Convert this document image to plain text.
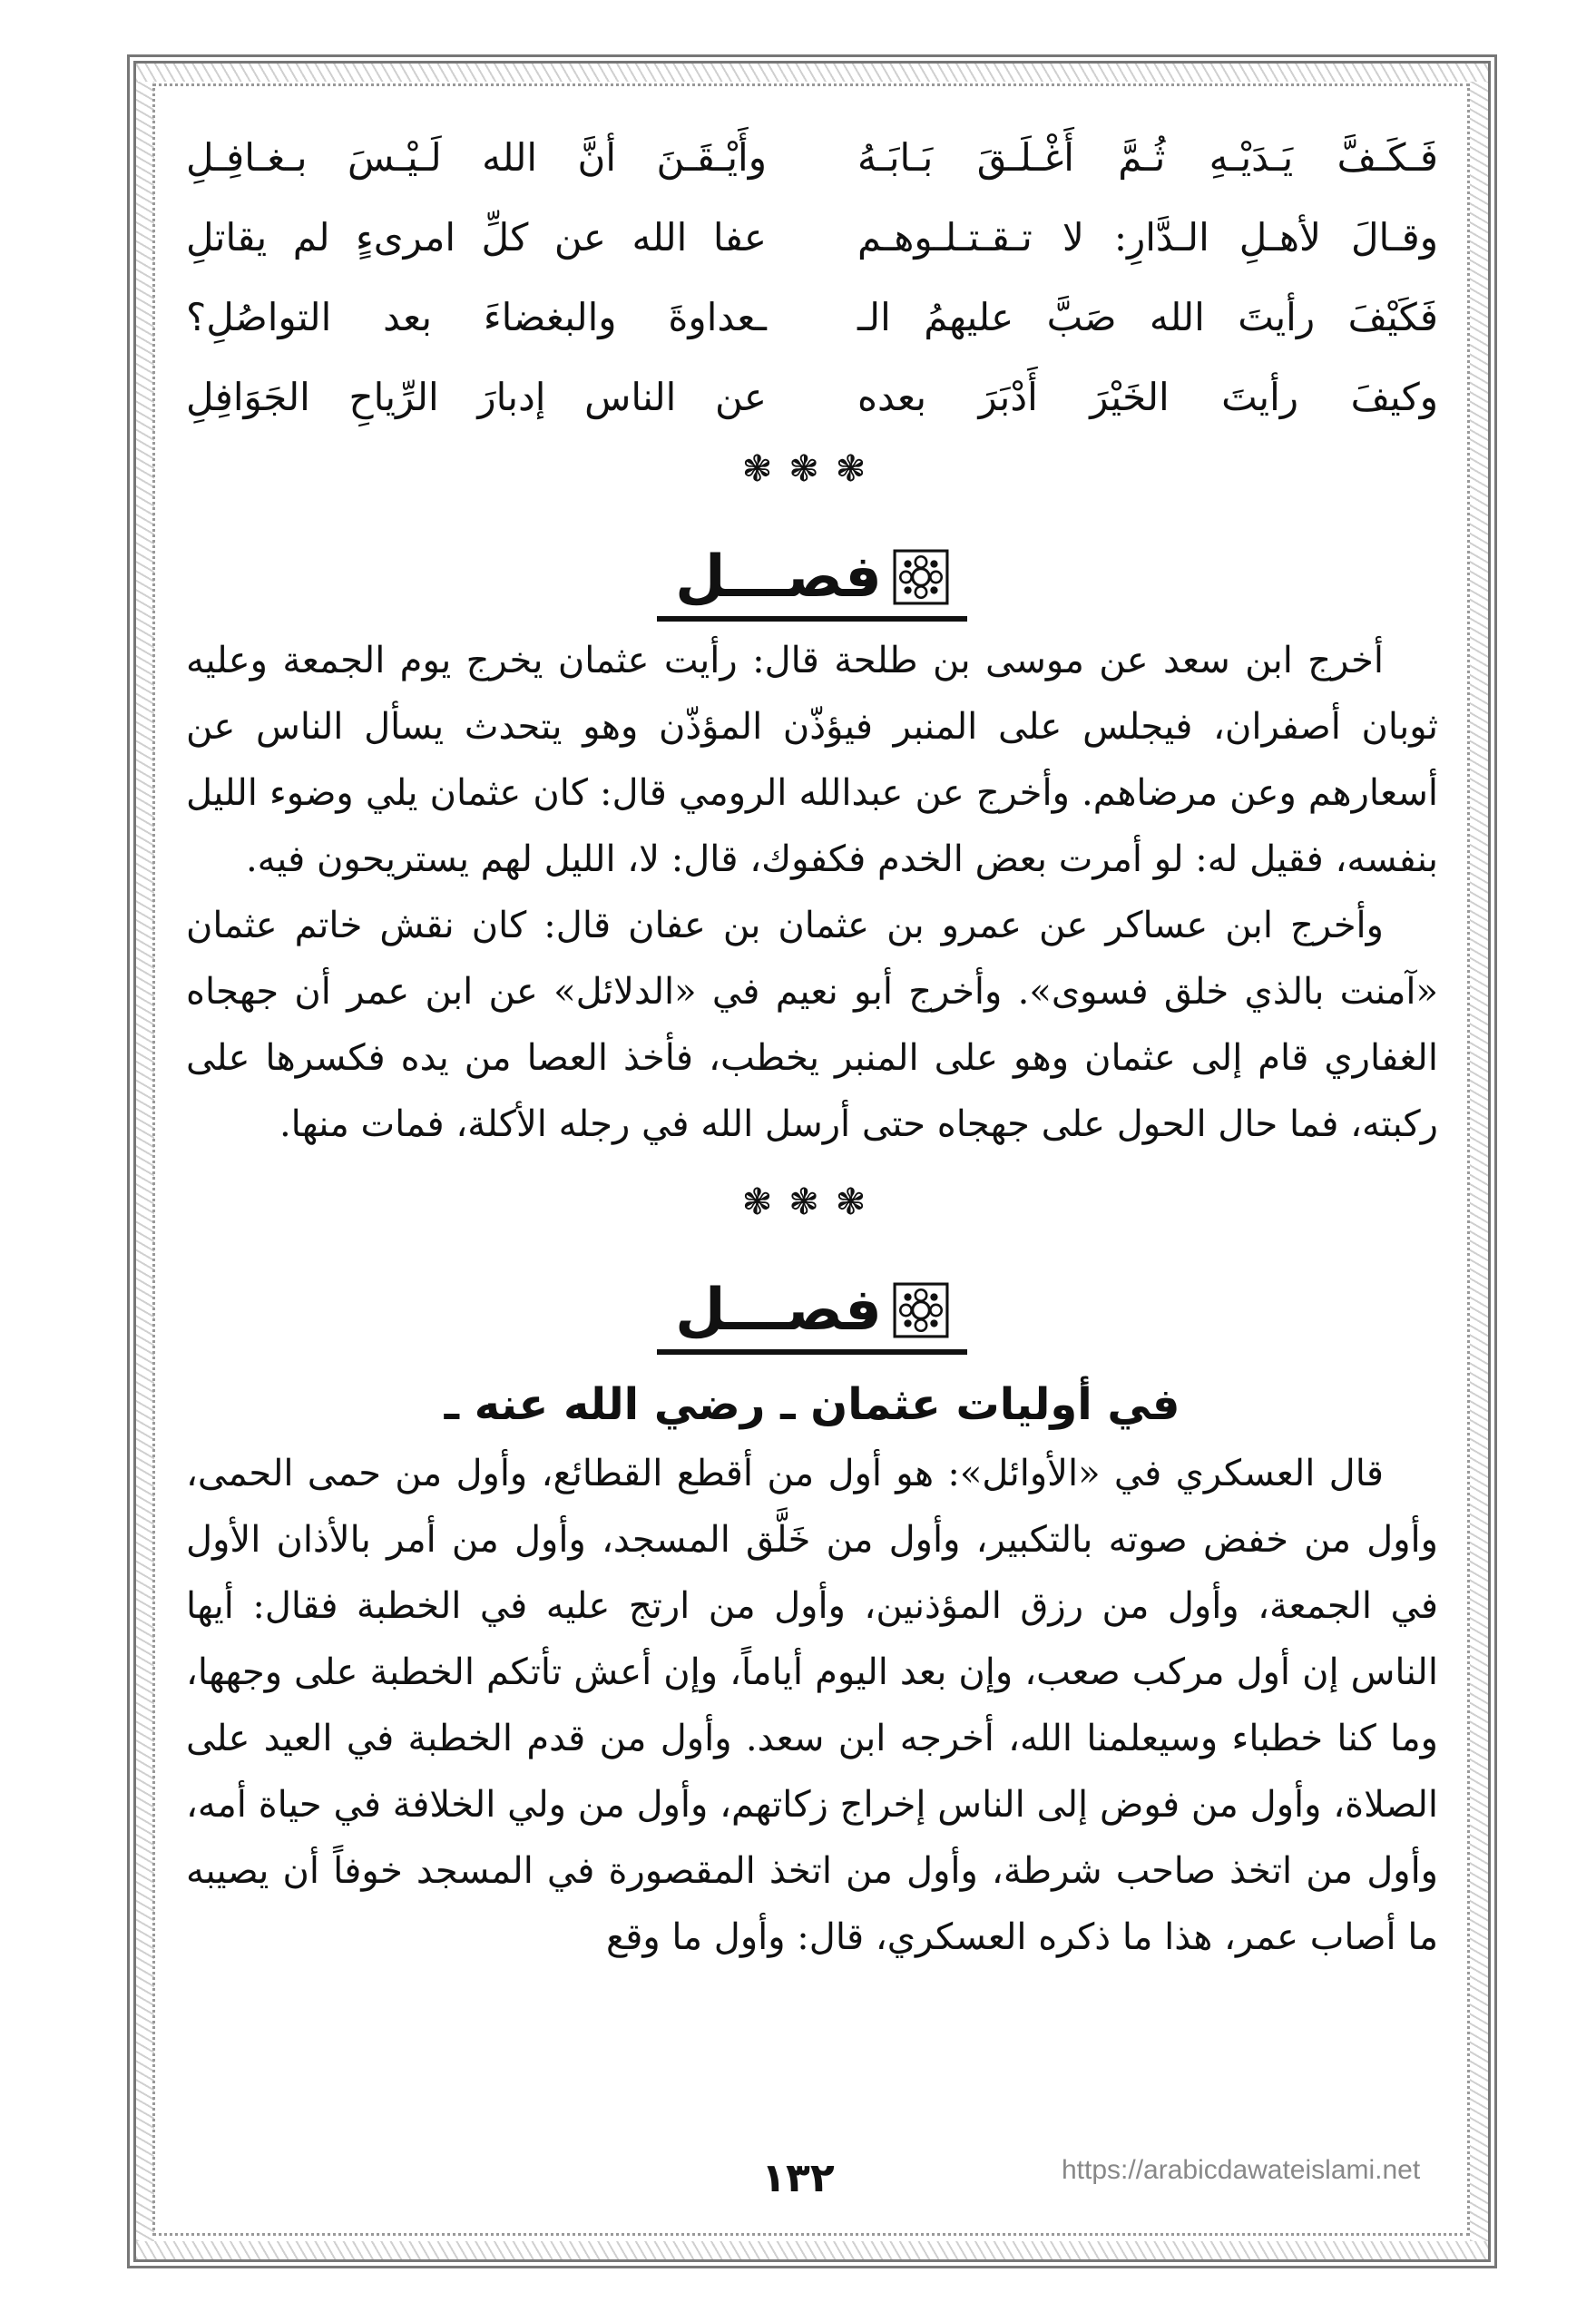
فَـكَـفَّ يَـدَيْـهِ ثُـمَّ أَغْـلَـقَ بَـابَـهُ
وأَيْـقَـنَ أنَّ الله لَـيْـسَ بـغـافِـلِ
وقـالَ لأهـلِ الـدَّارِ: لا تـقـتـلـوهـم
عفا الله عن كلِّ امرىءٍ لم يقاتلِ
فَكَيْفَ رأيتَ الله صَبَّ عليهمُ الـ
ـعداوةَ والبغضاءَ بعد التواصُلِ؟
وكيفَ رأيتَ الخَيْرَ أَدْبَرَ بعده
عن الناس إدبارَ الرِّياحِ الجَوَافِلِ
❃❃❃
فصـــل

أخرج ابن سعد عن موسى بن طلحة قال: رأيت عثمان يخرج يوم الجمعة وعليه ثوبان أصفران، فيجلس على المنبر فيؤذّن المؤذّن وهو يتحدث يسأل الناس عن أسعارهم وعن مرضاهم. وأخرج عن عبدالله الرومي قال: كان عثمان يلي وضوء الليل بنفسه، فقيل له: لو أمرت بعض الخدم فكفوك، قال: لا، الليل لهم يستريحون فيه.

وأخرج ابن عساكر عن عمرو بن عثمان بن عفان قال: كان نقش خاتم عثمان «آمنت بالذي خلق فسوى». وأخرج أبو نعيم في «الدلائل» عن ابن عمر أن جهجاه الغفاري قام إلى عثمان وهو على المنبر يخطب، فأخذ العصا من يده فكسرها على ركبته، فما حال الحول على جهجاه حتى أرسل الله في رجله الأكلة، فمات منها.

❃❃❃
فصـــل
في أوليات عثمان ـ رضي الله عنه ـ

قال العسكري في «الأوائل»: هو أول من أقطع القطائع، وأول من حمى الحمى، وأول من خفض صوته بالتكبير، وأول من خَلَّق المسجد، وأول من أمر بالأذان الأول في الجمعة، وأول من رزق المؤذنين، وأول من ارتج عليه في الخطبة فقال: أيها الناس إن أول مركب صعب، وإن بعد اليوم أياماً، وإن أعش تأتكم الخطبة على وجهها، وما كنا خطباء وسيعلمنا الله، أخرجه ابن سعد. وأول من قدم الخطبة في العيد على الصلاة، وأول من فوض إلى الناس إخراج زكاتهم، وأول من ولي الخلافة في حياة أمه، وأول من اتخذ صاحب شرطة، وأول من اتخذ المقصورة في المسجد خوفاً أن يصيبه ما أصاب عمر، هذا ما ذكره العسكري، قال: وأول ما وقع

١٣٢	https://arabicdawateislami.net
